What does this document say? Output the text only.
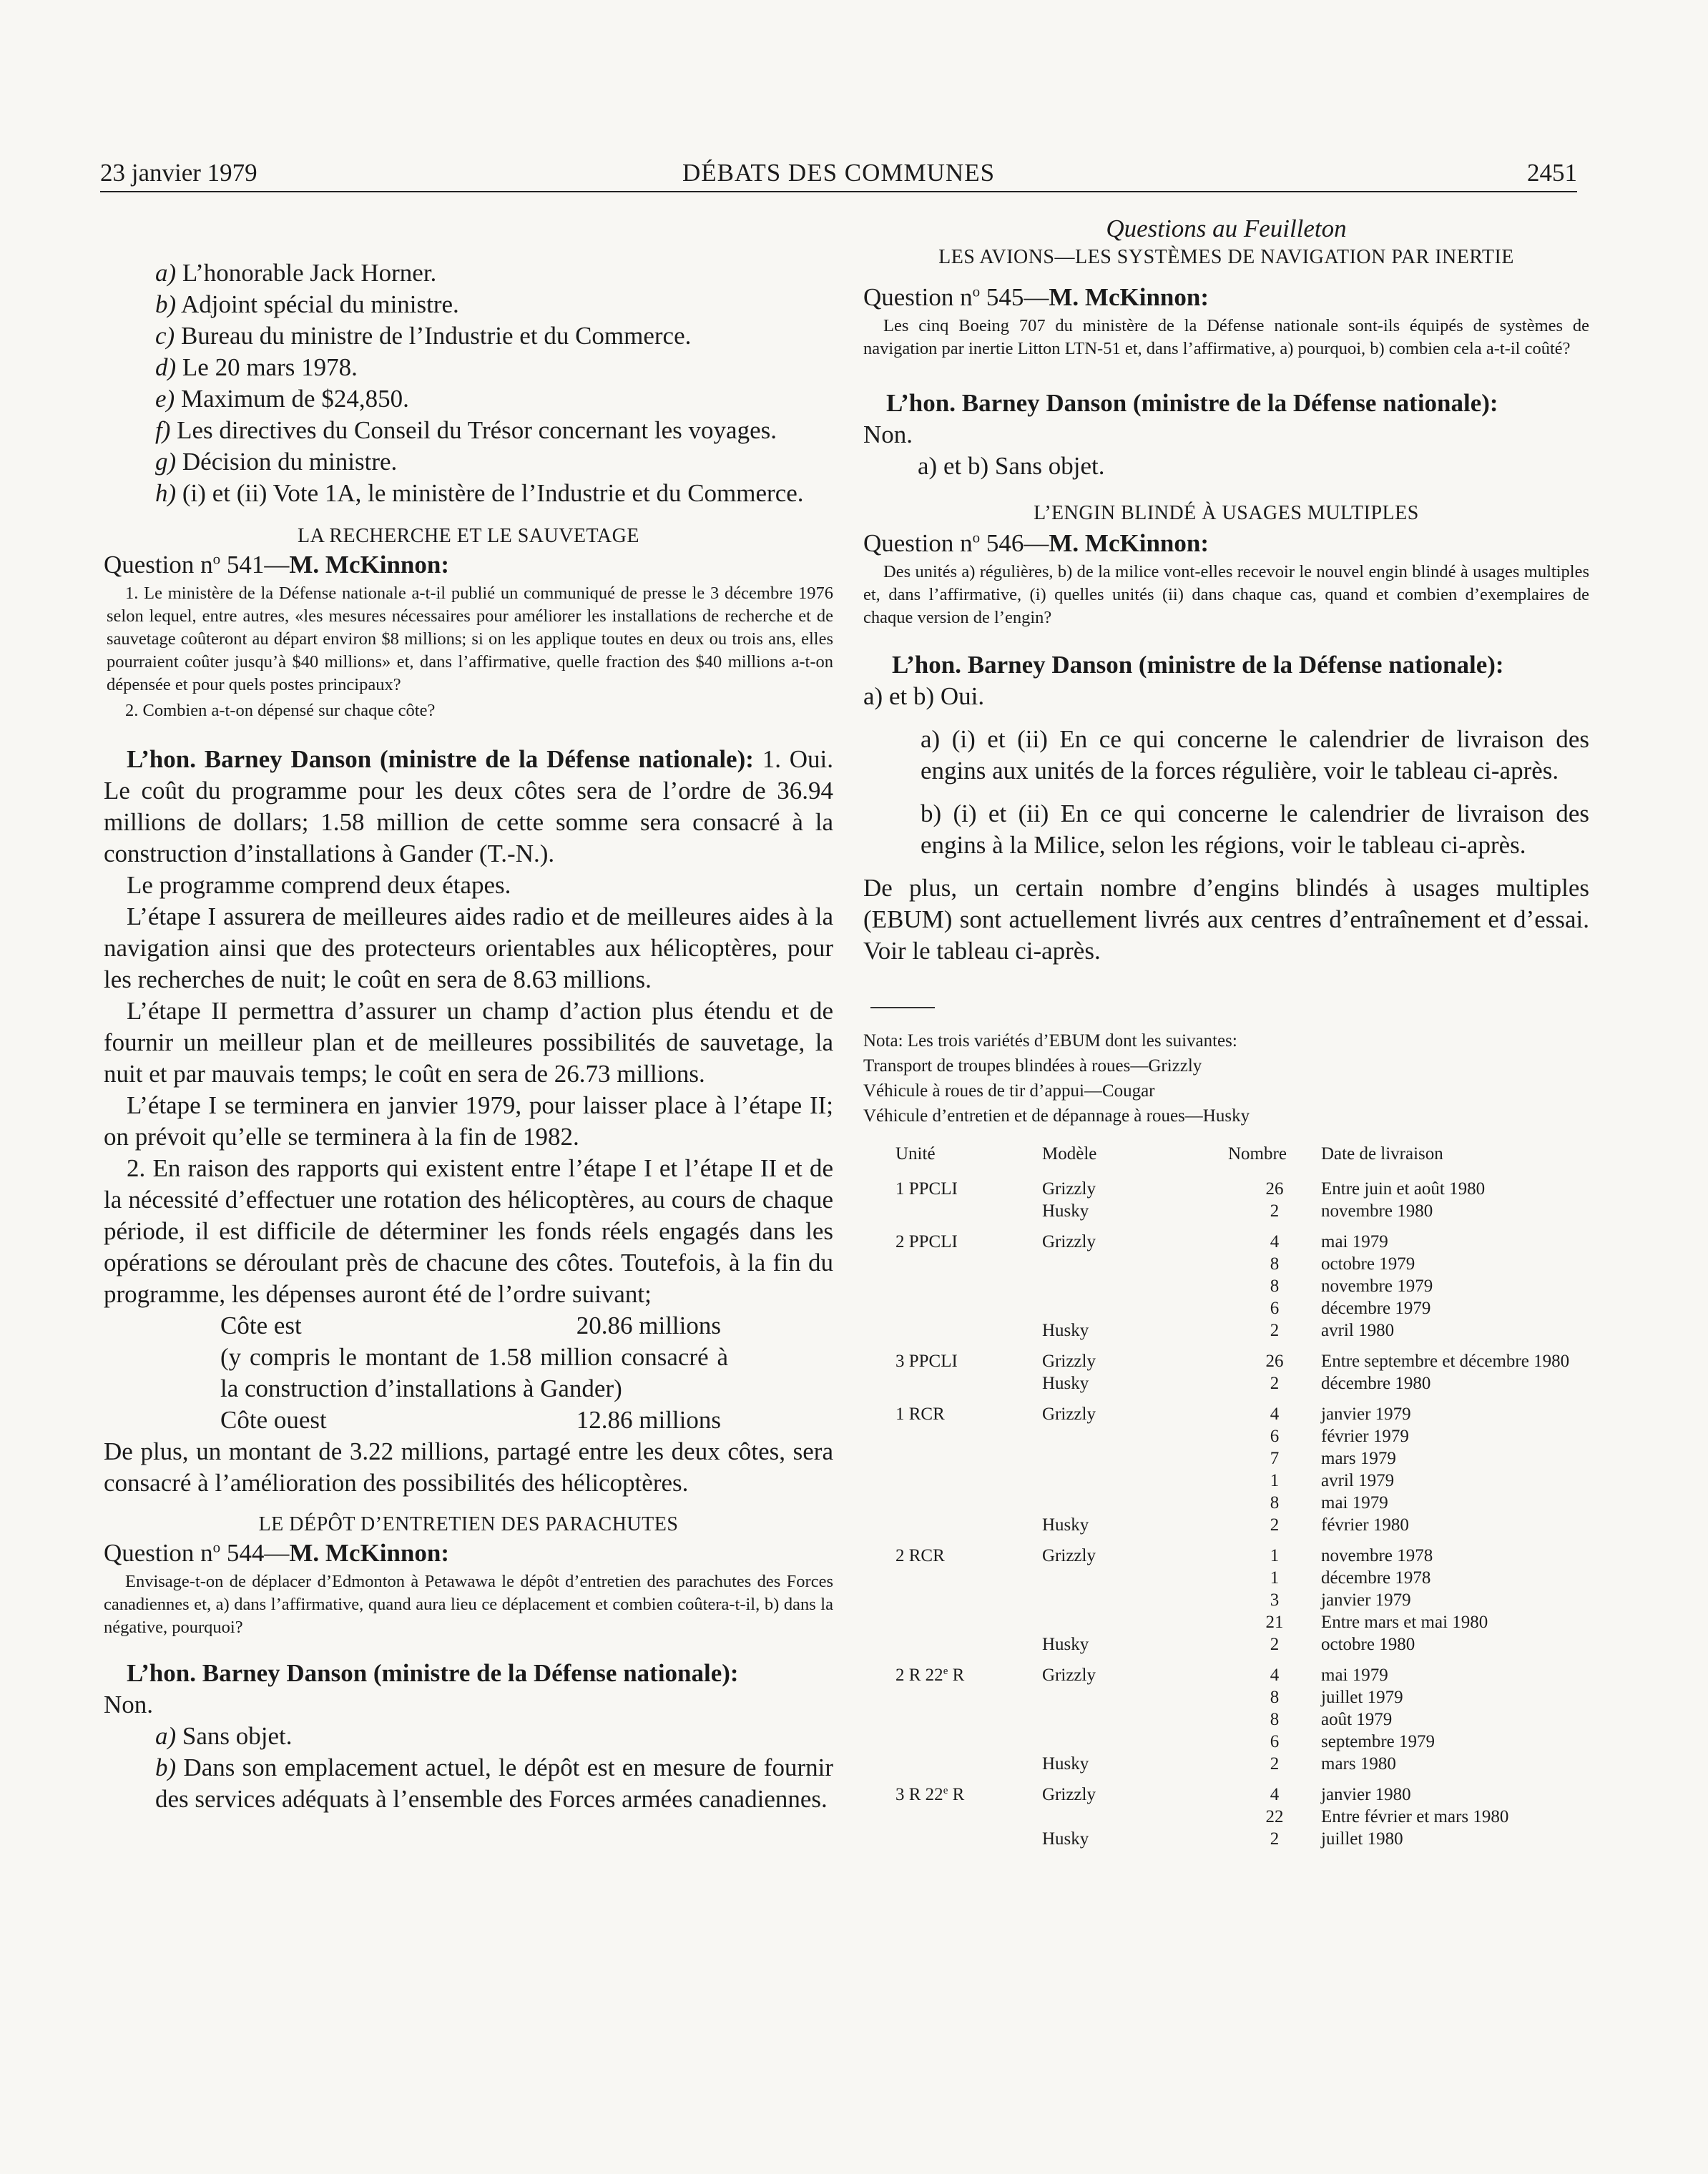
23 janvier 1979	DÉBATS DES COMMUNES	2451

a) L’honorable Jack Horner.

b) Adjoint spécial du ministre.

c) Bureau du ministre de l’Industrie et du Commerce.

d) Le 20 mars 1978.

e) Maximum de $24,850.

f) Les directives du Conseil du Trésor concernant les voyages.

g) Décision du ministre.

h) (i) et (ii) Vote 1A, le ministère de l’Industrie et du Commerce.

LA RECHERCHE ET LE SAUVETAGE

Question $n^o$ 541—M. McKinnon:

1. Le ministère de la Défense nationale a-t-il publié un communiqué de presse le 3 décembre 1976 selon lequel, entre autres, «les mesures nécessaires pour améliorer les installations de recherche et de sauvetage coûteront au départ environ $8 millions; si on les applique toutes en deux ou trois ans, elles pourraient coûter jusqu’à $40 millions» et, dans l’affirmative, quelle fraction des $40 millions a-t-on dépensée et pour quels postes principaux?

2. Combien a-t-on dépensé sur chaque côte?

L’hon. Barney Danson (ministre de la Défense nationale): 1. Oui. Le coût du programme pour les deux côtes sera de l’ordre de 36.94 millions de dollars; 1.58 million de cette somme sera consacré à la construction d’installations à Gander (T.-N.).

Le programme comprend deux étapes.

L’étape I assurera de meilleures aides radio et de meilleures aides à la navigation ainsi que des protecteurs orientables aux hélicoptères, pour les recherches de nuit; le coût en sera de 8.63 millions.

L’étape II permettra d’assurer un champ d’action plus étendu et de fournir un meilleur plan et de meilleures possibilités de sauvetage, la nuit et par mauvais temps; le coût en sera de 26.73 millions.

L’étape I se terminera en janvier 1979, pour laisser place à l’étape II; on prévoit qu’elle se terminera à la fin de 1982.

2. En raison des rapports qui existent entre l’étape I et l’étape II et de la nécessité d’effectuer une rotation des hélicoptères, au cours de chaque période, il est difficile de déterminer les fonds réels engagés dans les opérations se déroulant près de chacune des côtes. Toutefois, à la fin du programme, les dépenses auront été de l’ordre suivant;

Côte est	20.86 millions

(y compris le montant de 1.58 million consacré à la construction d’installations à Gander)

Côte ouest	12.86 millions

De plus, un montant de 3.22 millions, partagé entre les deux côtes, sera consacré à l’amélioration des possibilités des hélicoptères.

LE DÉPÔT D’ENTRETIEN DES PARACHUTES

Question $n^o$ 544—M. McKinnon:

Envisage-t-on de déplacer d’Edmonton à Petawawa le dépôt d’entretien des parachutes des Forces canadiennes et, a) dans l’affirmative, quand aura lieu ce déplacement et combien coûtera-t-il, b) dans la négative, pourquoi?

L’hon. Barney Danson (ministre de la Défense nationale):

Non.

a) Sans objet.

b) Dans son emplacement actuel, le dépôt est en mesure de fournir des services adéquats à l’ensemble des Forces armées canadiennes.

Questions au Feuilleton

LES AVIONS—LES SYSTÈMES DE NAVIGATION PAR INERTIE

Question $n^o$ 545—M. McKinnon:

Les cinq Boeing 707 du ministère de la Défense nationale sont-ils équipés de systèmes de navigation par inertie Litton LTN-51 et, dans l’affirmative, a) pourquoi, b) combien cela a-t-il coûté?

L’hon. Barney Danson (ministre de la Défense nationale):

Non.

a) et b) Sans objet.

L’ENGIN BLINDÉ À USAGES MULTIPLES

Question $n^o$ 546—M. McKinnon:

Des unités a) régulières, b) de la milice vont-elles recevoir le nouvel engin blindé à usages multiples et, dans l’affirmative, (i) quelles unités (ii) dans chaque cas, quand et combien d’exemplaires de chaque version de l’engin?

L’hon. Barney Danson (ministre de la Défense nationale):

a) et b) Oui.

a) (i) et (ii) En ce qui concerne le calendrier de livraison des engins aux unités de la forces régulière, voir le tableau ci-après.

b) (i) et (ii) En ce qui concerne le calendrier de livraison des engins à la Milice, selon les régions, voir le tableau ci-après.

De plus, un certain nombre d’engins blindés à usages multiples (EBUM) sont actuellement livrés aux centres d’entraînement et d’essai. Voir le tableau ci-après.

Nota: Les trois variétés d’EBUM dont les suivantes:

Transport de troupes blindées à roues—Grizzly

Véhicule à roues de tir d’appui—Cougar

Véhicule d’entretien et de dépannage à roues—Husky

Unité	Modèle	Nombre	Date de livraison
1 PPCLI	Grizzly	26	Entre juin et août 1980
	Husky	2	novembre 1980
2 PPCLI	Grizzly	4	mai 1979
		8	octobre 1979
		8	novembre 1979
		6	décembre 1979
	Husky	2	avril 1980
3 PPCLI	Grizzly	26	Entre septembre et décembre 1980
	Husky	2	décembre 1980
1 RCR	Grizzly	4	janvier 1979
		6	février 1979
		7	mars 1979
		1	avril 1979
		8	mai 1979
	Husky	2	février 1980
2 RCR	Grizzly	1	novembre 1978
		1	décembre 1978
		3	janvier 1979
		21	Entre mars et mai 1980
	Husky	2	octobre 1980
2 R 22e R	Grizzly	4	mai 1979
		8	juillet 1979
		8	août 1979
		6	septembre 1979
	Husky	2	mars 1980
3 R 22e R	Grizzly	4	janvier 1980
		22	Entre février et mars 1980
	Husky	2	juillet 1980
